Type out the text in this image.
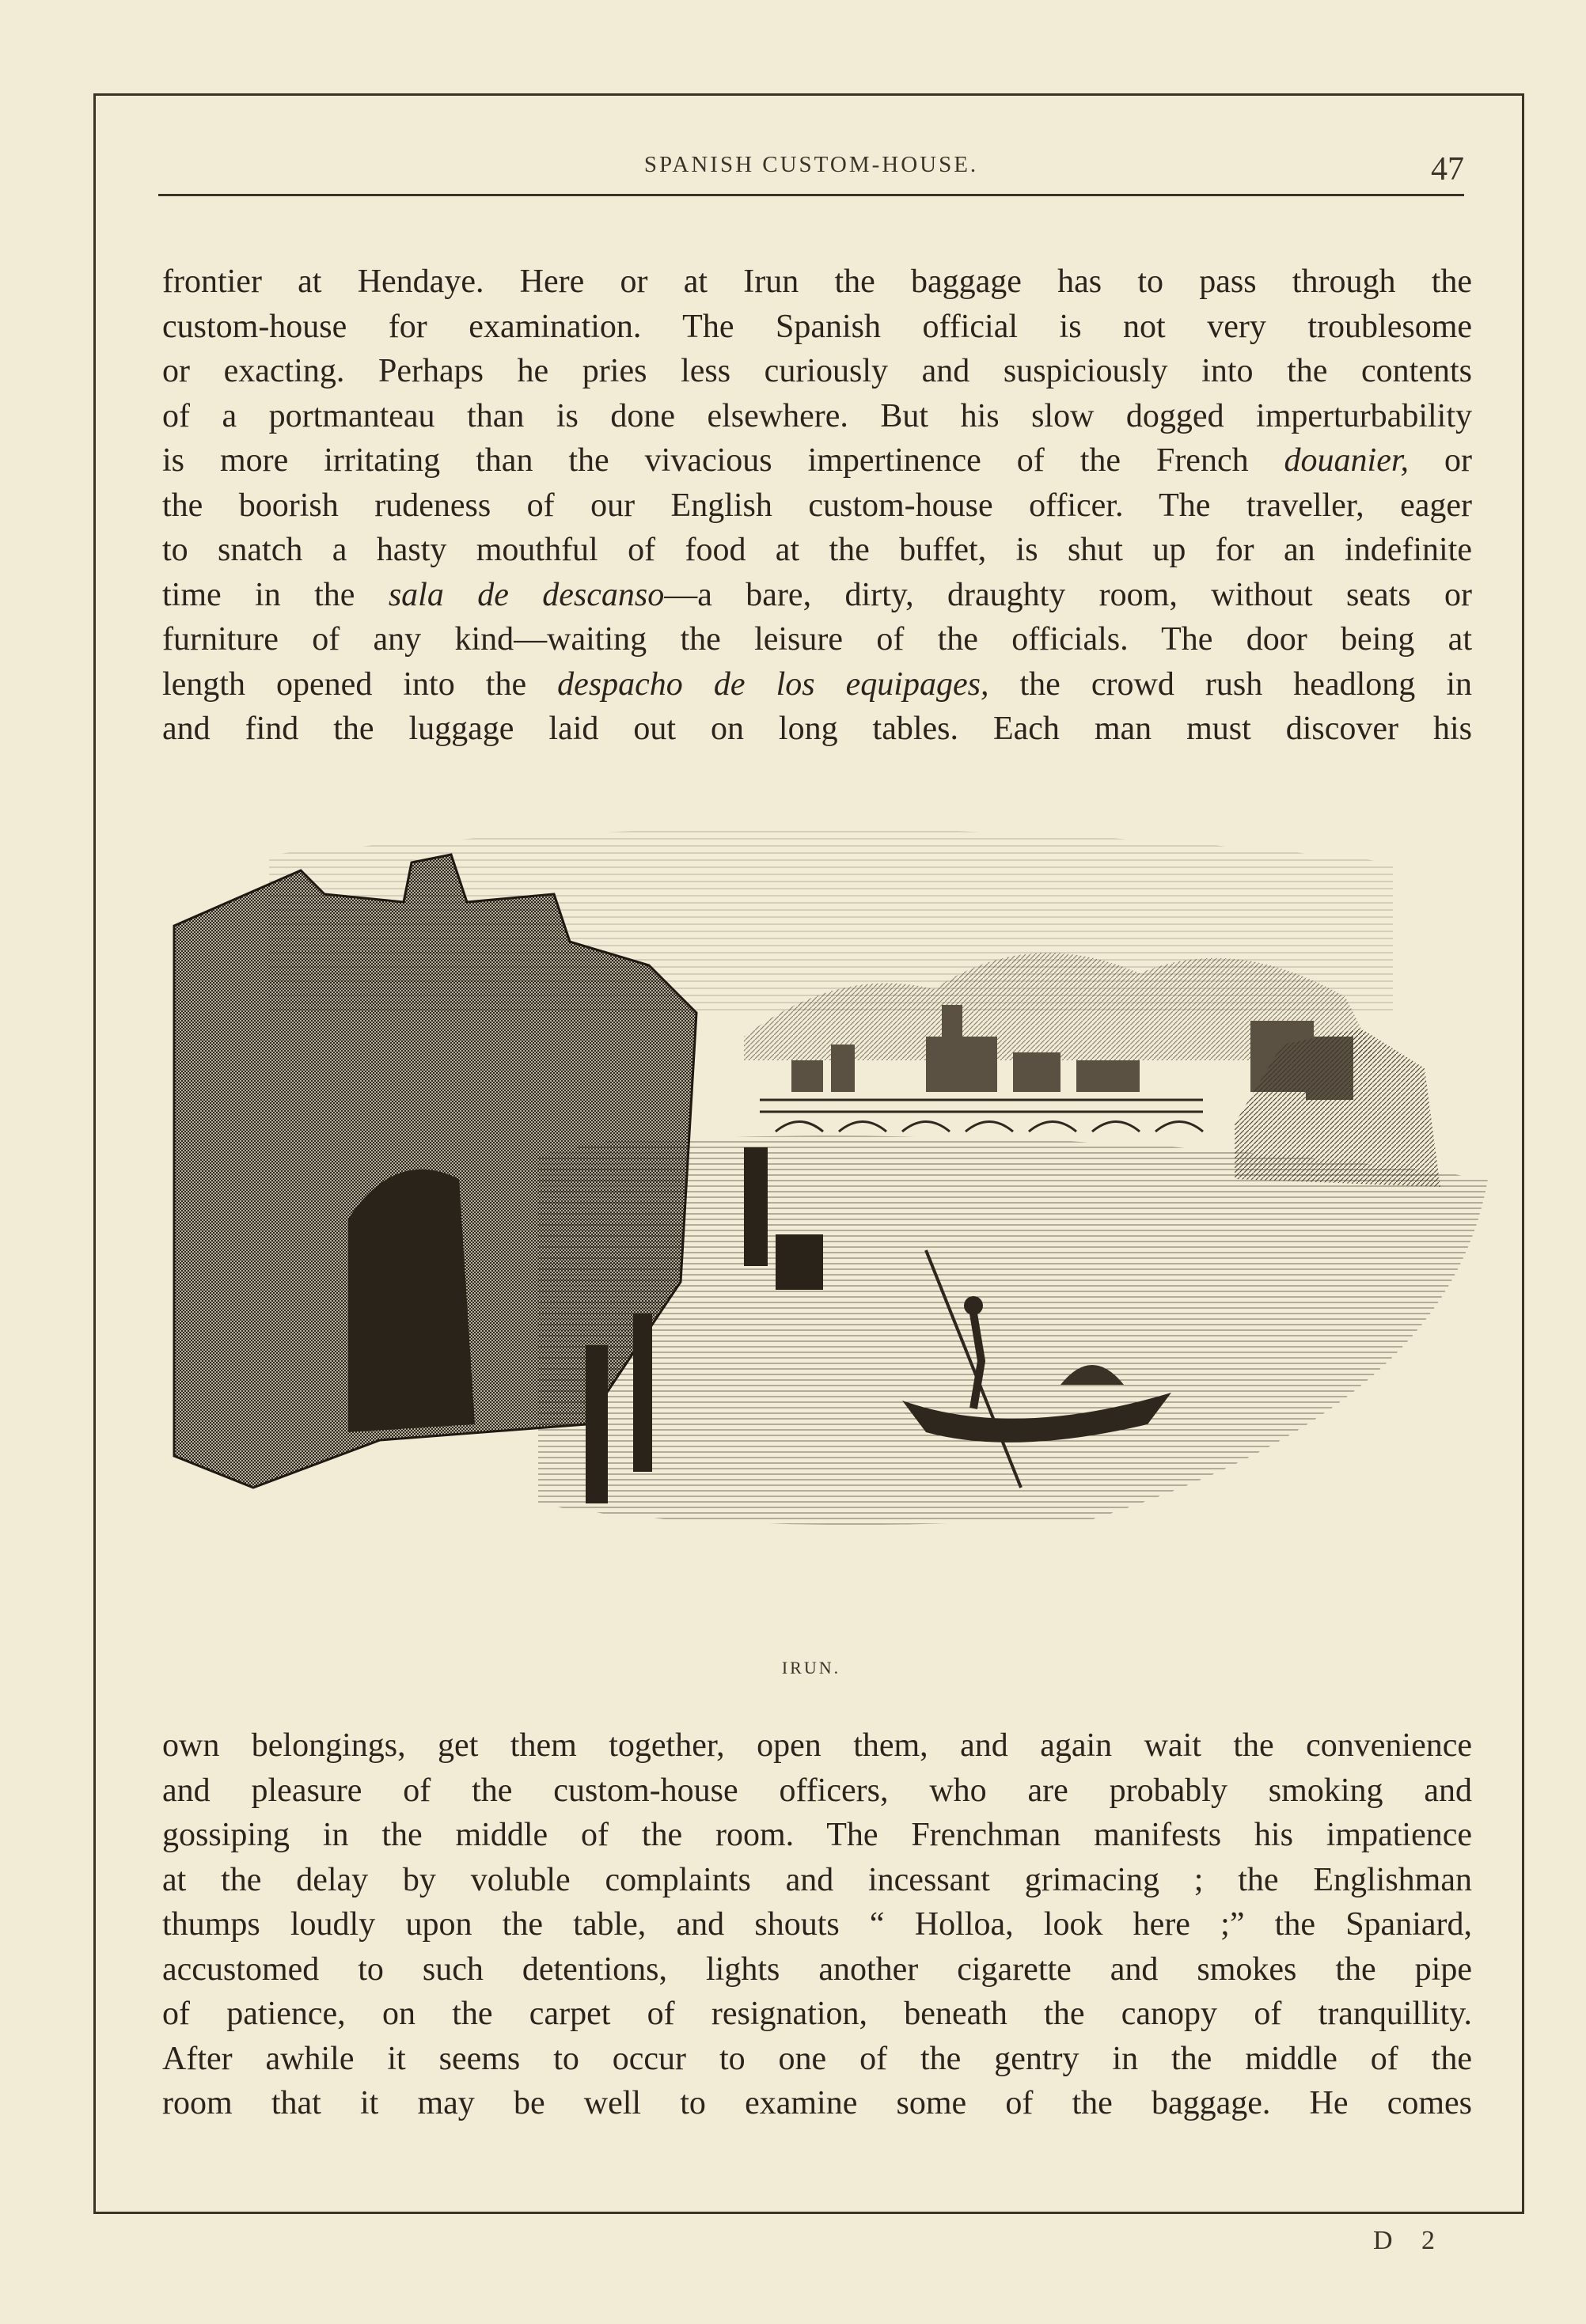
SPANISH CUSTOM-HOUSE.	47
frontier at Hendaye. Here or at Irun the baggage has to pass through the
custom-house for examination. The Spanish official is not very troublesome
or exacting. Perhaps he pries less curiously and suspiciously into the contents
of a portmanteau than is done elsewhere. But his slow dogged imperturbability
is more irritating than the vivacious impertinence of the French douanier, or
the boorish rudeness of our English custom-house officer. The traveller, eager
to snatch a hasty mouthful of food at the buffet, is shut up for an indefinite
time in the sala de descanso—a bare, dirty, draughty room, without seats or
furniture of any kind—waiting the leisure of the officials. The door being at
length opened into the despacho de los equipages, the crowd rush headlong in
and find the luggage laid out on long tables. Each man must discover his
IRUN.
own belongings, get them together, open them, and again wait the convenience
and pleasure of the custom-house officers, who are probably smoking and
gossiping in the middle of the room. The Frenchman manifests his impatience
at the delay by voluble complaints and incessant grimacing ; the Englishman
thumps loudly upon the table, and shouts “ Holloa, look here ;” the Spaniard,
accustomed to such detentions, lights another cigarette and smokes the pipe
of patience, on the carpet of resignation, beneath the canopy of tranquillity.
After awhile it seems to occur to one of the gentry in the middle of the
room that it may be well to examine some of the baggage. He comes
D 2
